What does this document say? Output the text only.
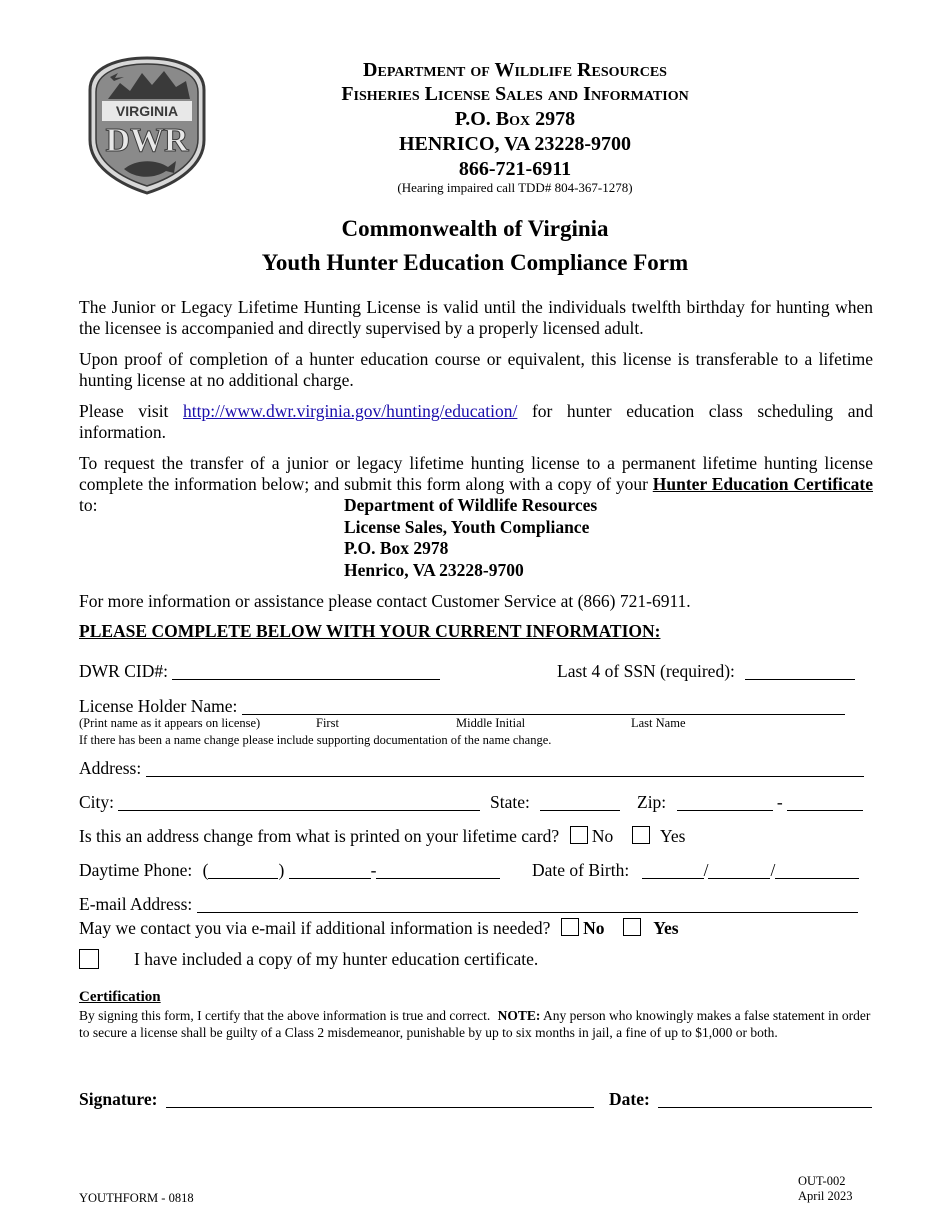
VIRGINIA
DWR
Department of Wildlife Resources
Fisheries License Sales and Information
P.O. Box 2978
HENRICO, VA 23228-9700
866-721-6911
(Hearing impaired call TDD# 804-367-1278)
Commonwealth of Virginia
Youth Hunter Education Compliance Form
The Junior or Legacy Lifetime Hunting License is valid until the individuals twelfth birthday for hunting when the licensee is accompanied and directly supervised by a properly licensed adult.
Upon proof of completion of a hunter education course or equivalent, this license is transferable to a lifetime hunting license at no additional charge.
Please visit http://www.dwr.virginia.gov/hunting/education/ for hunter education class scheduling and information.
To request the transfer of a junior or legacy lifetime hunting license to a permanent lifetime hunting license complete the information below; and submit this form along with a copy of your Hunter Education Certificate to:	Department of Wildlife Resources
License Sales, Youth Compliance
P.O. Box 2978
Henrico, VA 23228-9700
For more information or assistance please contact Customer Service at (866) 721-6911.
PLEASE COMPLETE BELOW WITH YOUR CURRENT INFORMATION:
DWR CID#:	Last 4 of SSN (required):
License Holder Name:
(Print name as it appears on license)	First	Middle Initial	Last Name
If there has been a name change please include supporting documentation of the name change.
Address:
City:	State:	Zip:	-
Is this an address change from what is printed on your lifetime card? No	Yes
Daytime Phone: (	)	-	Date of Birth:	/	/
E-mail Address:
May we contact you via e-mail if additional information is needed? No	Yes
I have included a copy of my hunter education certificate.
Certification
By signing this form, I certify that the above information is true and correct. NOTE: Any person who knowingly makes a false statement in order to secure a license shall be guilty of a Class 2 misdemeanor, punishable by up to six months in jail, a fine of up to $1,000 or both.
Signature:	Date:
YOUTHFORM - 0818
OUT-002
April 2023
